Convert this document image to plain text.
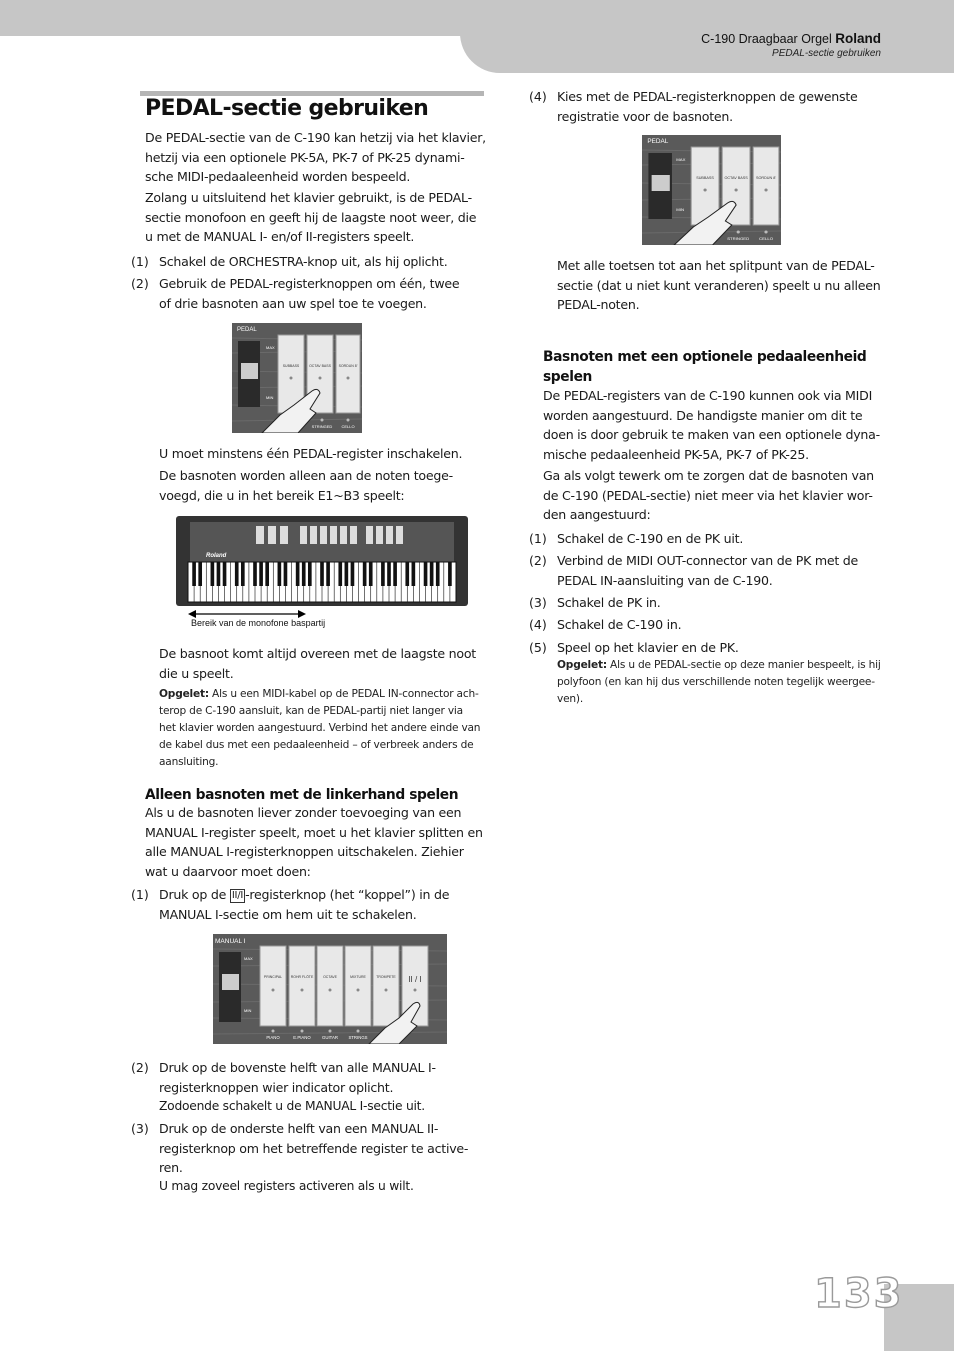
C-190 Draagbaar Orgel Roland
PEDAL-sectie gebruiken
PEDAL-sectie gebruiken
De PEDAL-sectie van de C-190 kan hetzij via het klavier,
hetzij via een optionele PK-5A, PK-7 of PK-25 dynami-
sche MIDI-pedaaleenheid worden bespeeld.
Zolang u uitsluitend het klavier gebruikt, is de PEDAL-
sectie monofoon en geeft hij de laagste noot weer, die
u met de MANUAL I- en/of II-registers speelt.
(1) Schakel de ORCHESTRA-knop uit, als hij oplicht.
(2) Gebruik de PEDAL-registerknoppen om één, twee
of drie basnoten aan uw spel toe te voegen.
PEDAL
MAX
MIN
SUBBASS	OCTAV BASS SORDUN 8'
STRINGED CELLO
U moet minstens één PEDAL-register inschakelen.
De basnoten worden alleen aan de noten toege-
voegd, die u in het bereik E1~B3 speelt:
Roland
Bereik van de monofone baspartij
De basnoot komt altijd overeen met de laagste noot
die u speelt.
Opgelet: Als u een MIDI-kabel op de PEDAL IN-connector ach-
terop de C-190 aansluit, kan de PEDAL-partij niet langer via
het klavier worden aangestuurd. Verbind het andere einde van
de kabel dus met een pedaaleenheid – of verbreek anders de
aansluiting.
Alleen basnoten met de linkerhand spelen
Als u de basnoten liever zonder toevoeging van een
MANUAL I-register speelt, moet u het klavier splitten en
alle MANUAL I-registerknoppen uitschakelen. Ziehier
wat u daarvoor moet doen:
(1) Druk op de II/I -registerknop (het “koppel”) in de
MANUAL I-sectie om hem uit te schakelen.
MANUAL I
MAX
MIN
PRINCIPAL ROHR FLÖTE	OCTAVE	MIXTURE	TROMPETE II / I
PIANO	E.PIANO	GUITAR STRINGS
(2) Druk op de bovenste helft van alle MANUAL I-
registerknoppen wier indicator oplicht.
Zodoende schakelt u de MANUAL I-sectie uit.
(3) Druk op de onderste helft van een MANUAL II-
registerknop om het betreffende register te active-
ren.
U mag zoveel registers activeren als u wilt.
(4) Kies met de PEDAL-registerknoppen de gewenste
registratie voor de basnoten.
PEDAL
MAX
MIN
SUBBASS	OCTAV BASS SORDUN 8'
STRINGED CELLO
Met alle toetsen tot aan het splitpunt van de PEDAL-
sectie (dat u niet kunt veranderen) speelt u nu alleen
PEDAL-noten.
Basnoten met een optionele pedaaleenheid
spelen
De PEDAL-registers van de C-190 kunnen ook via MIDI
worden aangestuurd. De handigste manier om dit te
doen is door gebruik te maken van een optionele dyna-
mische pedaaleenheid PK-5A, PK-7 of PK-25.
Ga als volgt tewerk om te zorgen dat de basnoten van
de C-190 (PEDAL-sectie) niet meer via het klavier wor-
den aangestuurd:
(1) Schakel de C-190 en de PK uit.
(2) Verbind de MIDI OUT-connector van de PK met de
PEDAL IN-aansluiting van de C-190.
(3) Schakel de PK in.
(4) Schakel de C-190 in.
(5) Speel op het klavier en de PK.
Opgelet: Als u de PEDAL-sectie op deze manier bespeelt, is hij
polyfoon (en kan hij dus verschillende noten tegelijk weergee-
ven).
133
